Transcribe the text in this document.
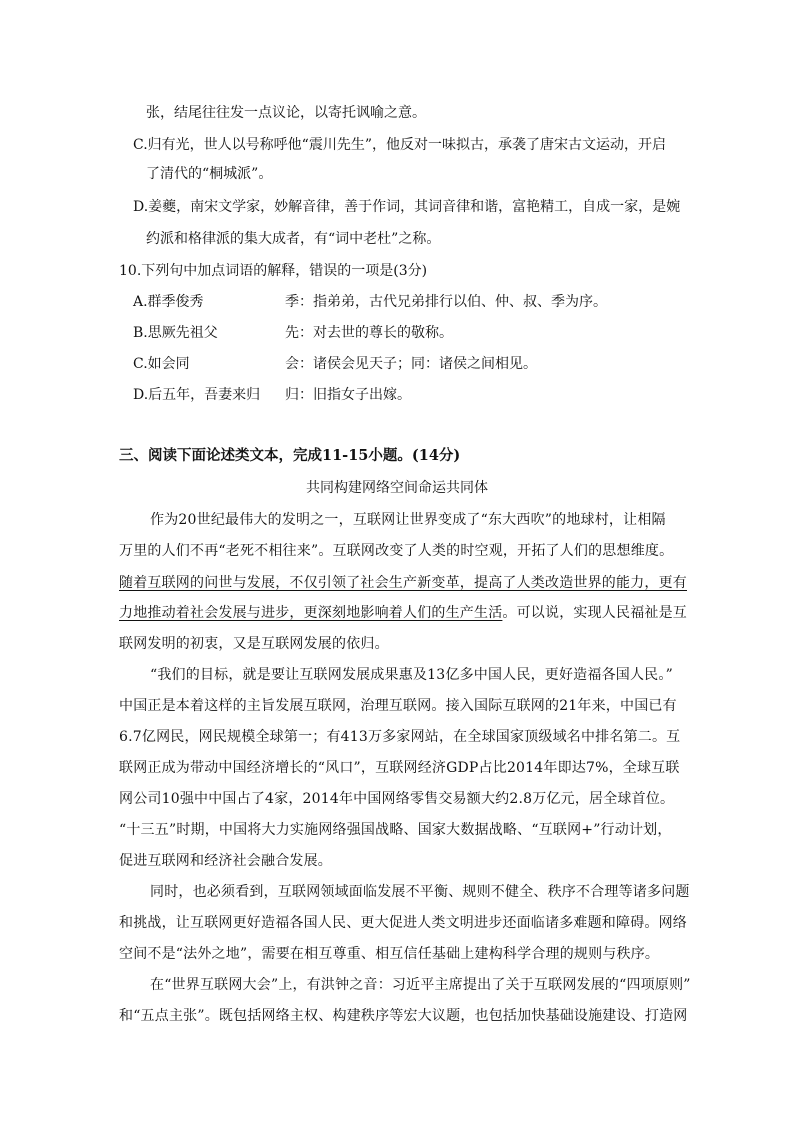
张，结尾往往发一点议论，以寄托讽喻之意。
C.归有光，世人以号称呼他“震川先生”，他反对一味拟古，承袭了唐宋古文运动，开启
了清代的“桐城派”。
D.姜夔，南宋文学家，妙解音律，善于作词，其词音律和谐，富艳精工，自成一家，是婉
约派和格律派的集大成者，有“词中老杜”之称。
10.下列句中加点词语的解释，错误的一项是(3分)
A.群季俊秀	季：指弟弟，古代兄弟排行以伯、仲、叔、季为序。
B.思厥先祖父	先：对去世的尊长的敬称。
C.如会同	会：诸侯会见天子；同：诸侯之间相见。
D.后五年，吾妻来归 归：旧指女子出嫁。
三、阅读下面论述类文本，完成11-15小题。(14分)
共同构建网络空间命运共同体
作为20世纪最伟大的发明之一，互联网让世界变成了“东大西吹”的地球村，让相隔
万里的人们不再“老死不相往来”。互联网改变了人类的时空观，开拓了人们的思想维度。
随着互联网的问世与发展，不仅引领了社会生产新变革，提高了人类改造世界的能力，更有
力地推动着社会发展与进步，更深刻地影响着人们的生产生活。可以说，实现人民福祉是互
联网发明的初衷，又是互联网发展的依归。
“我们的目标，就是要让互联网发展成果惠及13亿多中国人民，更好造福各国人民。”
中国正是本着这样的主旨发展互联网，治理互联网。接入国际互联网的21年来，中国已有
6.7亿网民，网民规模全球第一；有413万多家网站，在全球国家顶级域名中排名第二。互
联网正成为带动中国经济增长的“风口”，互联网经济GDP占比2014年即达7%，全球互联
网公司10强中中国占了4家，2014年中国网络零售交易额大约2.8万亿元，居全球首位。
“十三五”时期，中国将大力实施网络强国战略、国家大数据战略、“互联网+”行动计划，
促进互联网和经济社会融合发展。
同时，也必须看到，互联网领域面临发展不平衡、规则不健全、秩序不合理等诸多问题
和挑战，让互联网更好造福各国人民、更大促进人类文明进步还面临诸多难题和障碍。网络
空间不是“法外之地”，需要在相互尊重、相互信任基础上建构科学合理的规则与秩序。
在“世界互联网大会”上，有洪钟之音：习近平主席提出了关于互联网发展的“四项原则”
和“五点主张”。既包括网络主权、构建秩序等宏大议题，也包括加快基础设施建设、打造网
